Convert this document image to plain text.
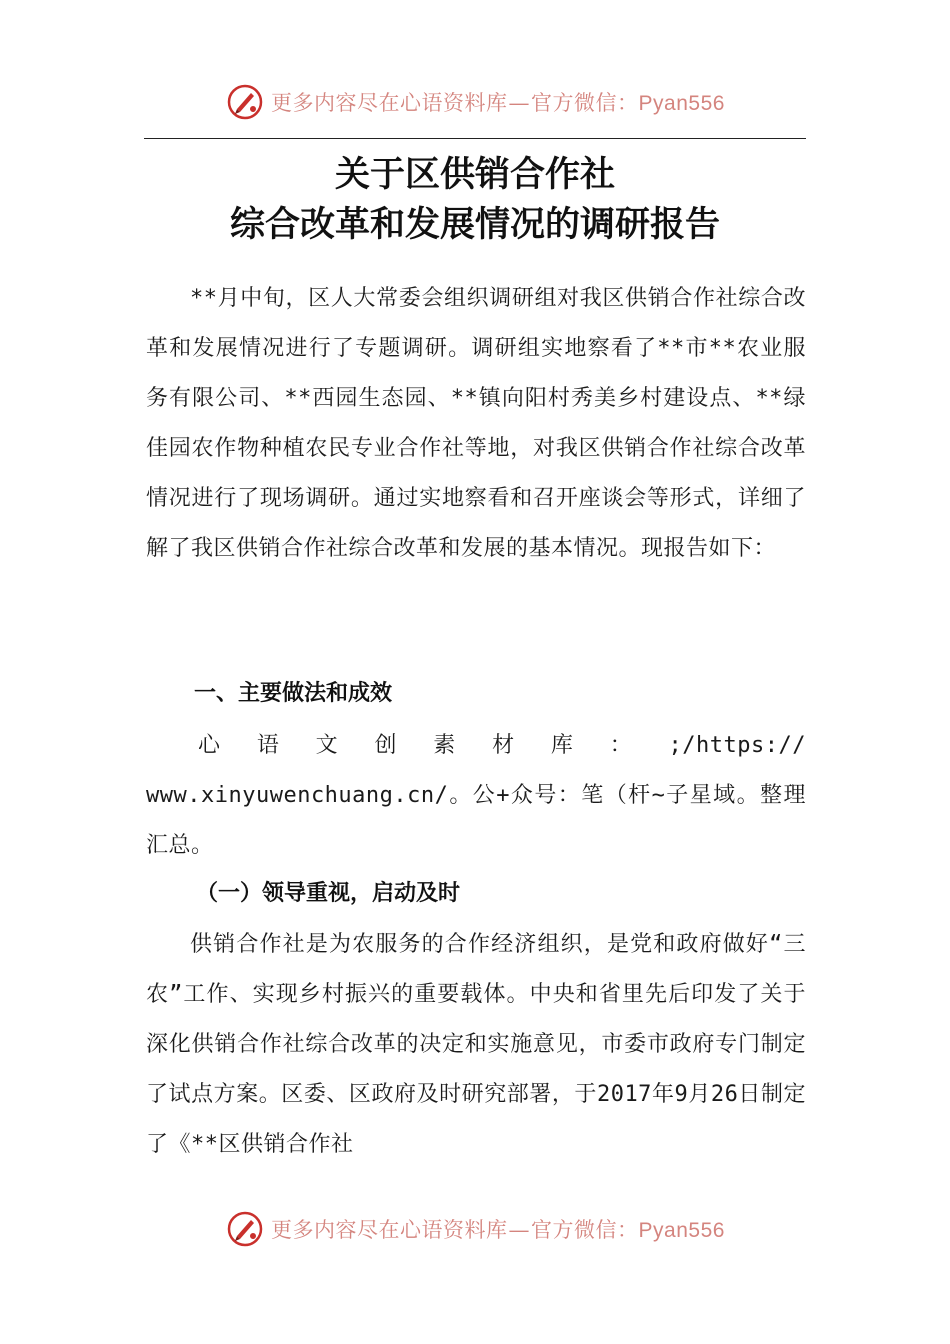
更多内容尽在心语资料库—官方微信：Pyan556
关于区供销合作社
综合改革和发展情况的调研报告

**月中旬，区人大常委会组织调研组对我区供销合作社综合改革和发展情况进行了专题调研。调研组实地察看了**市**农业服务有限公司、**西园生态园、**镇向阳村秀美乡村建设点、**绿佳园农作物种植农民专业合作社等地，对我区供销合作社综合改革情况进行了现场调研。通过实地察看和召开座谈会等形式，详细了解了我区供销合作社综合改革和发展的基本情况。现报告如下：

一、主要做法和成效
心 语 文 创 素 材 库 ： ;/https://
www.xinyuwenchuang.cn/。公+众号：笔（杆~子星域。整理汇总。
（一）领导重视，启动及时

供销合作社是为农服务的合作经济组织，是党和政府做好“三农”工作、实现乡村振兴的重要载体。中央和省里先后印发了关于深化供销合作社综合改革的决定和实施意见，市委市政府专门制定了试点方案。区委、区政府及时研究部署，于2017年9月26日制定了《**区供销合作社

更多内容尽在心语资料库—官方微信：Pyan556
